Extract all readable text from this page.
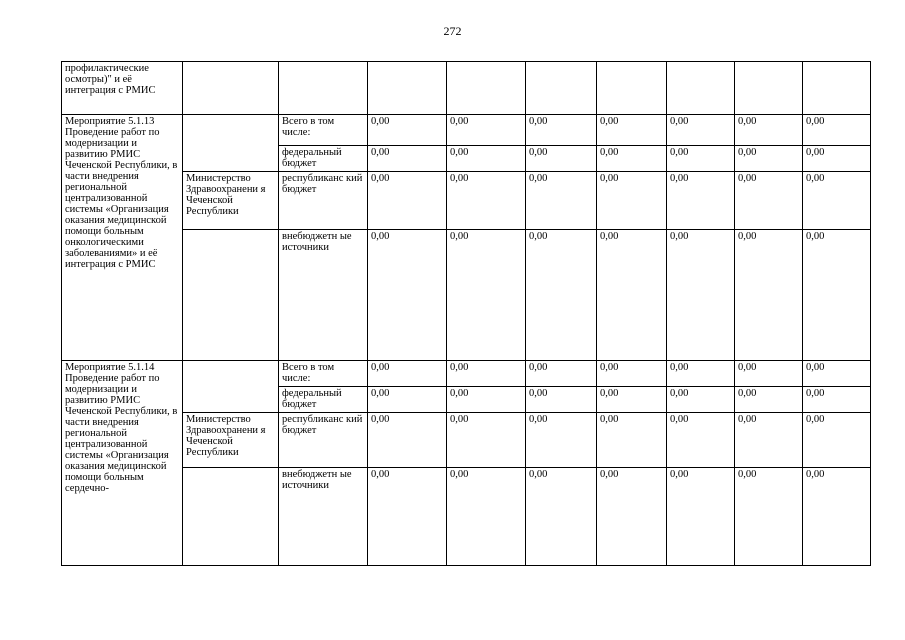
272
профилактические осмотры)" и её интеграция с РМИС									
Мероприятие 5.1.13 Проведение работ по модернизации и развитию РМИС Чеченской Республики, в части внедрения региональной централизованной системы «Организация оказания медицинской помощи больным онкологическими заболеваниями» и её интеграция с РМИС		Всего в том числе:	0,00	0,00	0,00	0,00	0,00	0,00	0,00
		федеральный бюджет	0,00	0,00	0,00	0,00	0,00	0,00	0,00
	Министерство Здравоохранени я Чеченской Республики	республиканс кий бюджет	0,00	0,00	0,00	0,00	0,00	0,00	0,00
		внебюджетн ые источники	0,00	0,00	0,00	0,00	0,00	0,00	0,00
Мероприятие 5.1.14 Проведение работ по модернизации и развитию РМИС Чеченской Республики, в части внедрения региональной централизованной системы «Организация оказания медицинской помощи больным сердечно-		Всего в том числе:	0,00	0,00	0,00	0,00	0,00	0,00	0,00
		федеральный бюджет	0,00	0,00	0,00	0,00	0,00	0,00	0,00
	Министерство Здравоохранени я Чеченской Республики	республиканс кий бюджет	0,00	0,00	0,00	0,00	0,00	0,00	0,00
		внебюджетн ые источники	0,00	0,00	0,00	0,00	0,00	0,00	0,00
